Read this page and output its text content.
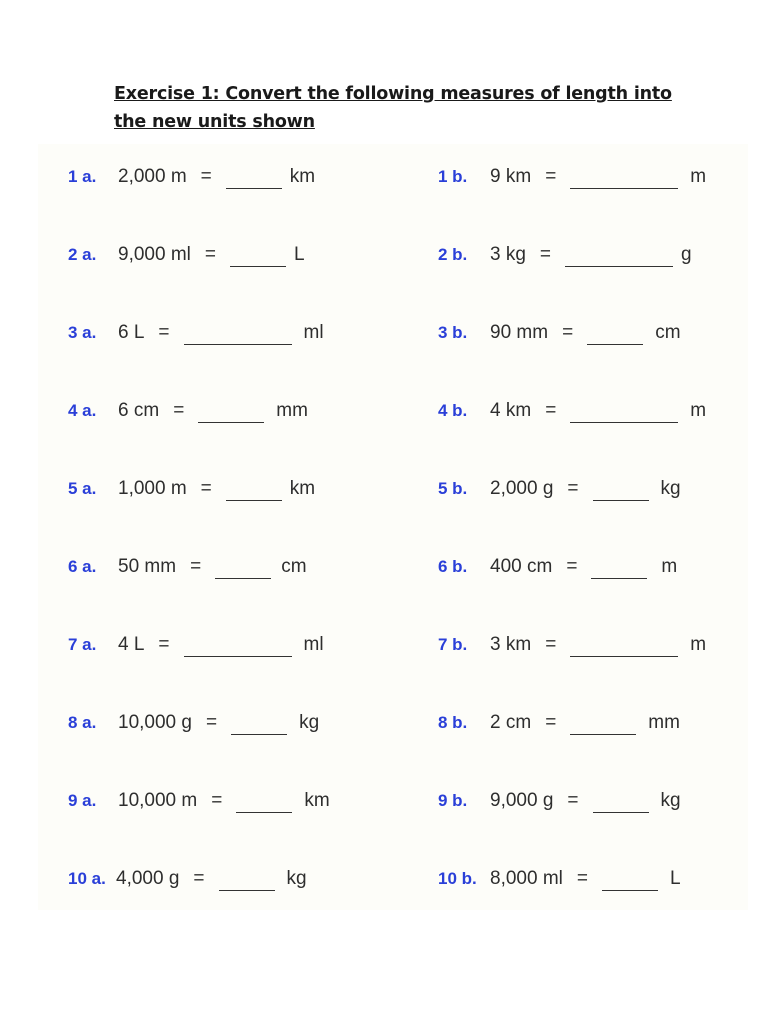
Exercise 1: Convert the following measures of length into
the new units shown
1 a.	2,000 m =	km	1 b.	9 km =	m
2 a.	9,000 ml =	L	2 b.	3 kg =	g
3 a.	6 L =	ml	3 b.	90 mm =	cm
4 a.	6 cm =	mm	4 b.	4 km =	m
5 a.	1,000 m =	km	5 b.	2,000 g =	kg
6 a.	50 mm =	cm	6 b.	400 cm =	m
7 a.	4 L =	ml	7 b.	3 km =	m
8 a.	10,000 g =	kg	8 b.	2 cm =	mm
9 a.	10,000 m =	km	9 b.	9,000 g =	kg
10 a. 4,000 g =	kg	10 b. 8,000 ml =	L
